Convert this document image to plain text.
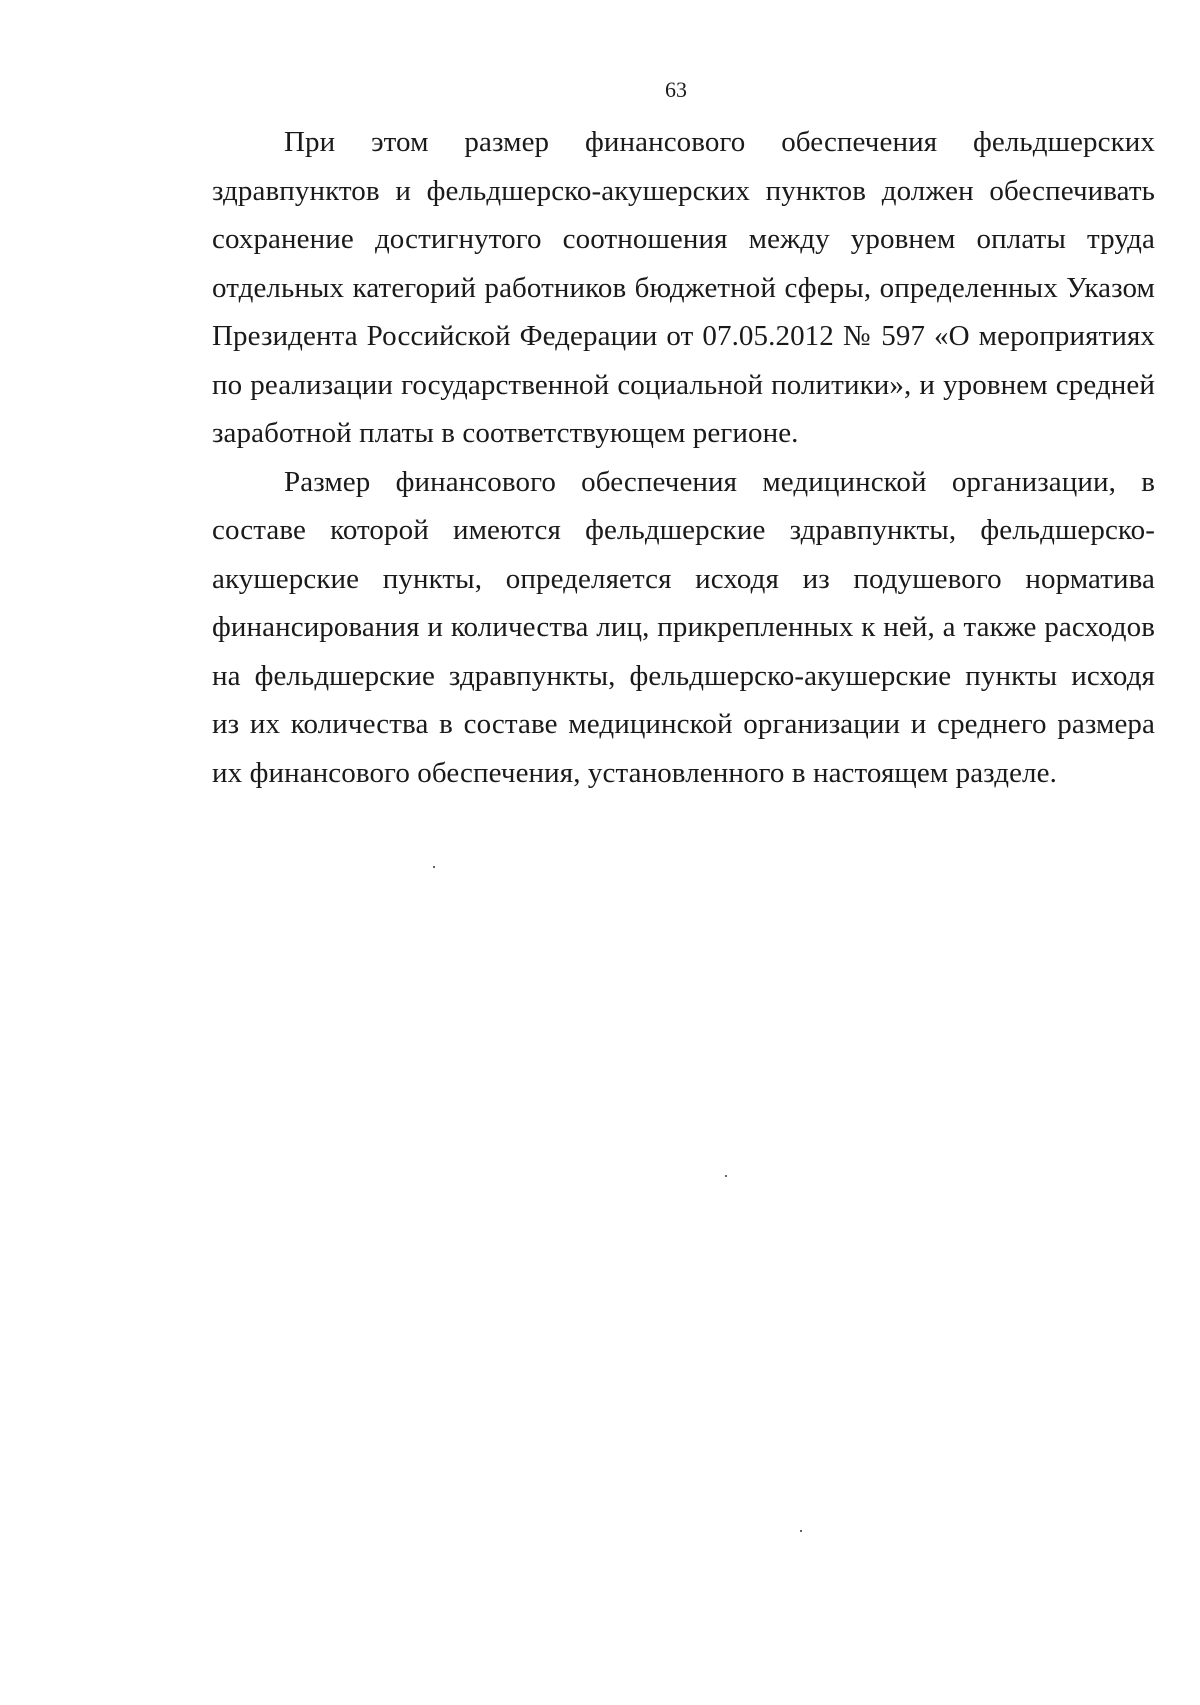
63

При этом размер финансового обеспечения фельдшерских здравпунктов и фельдшерско-акушерских пунктов должен обеспечивать сохранение достигнутого соотношения между уровнем оплаты труда отдельных категорий работников бюджетной сферы, определенных Указом Президента Российской Федерации от 07.05.2012 № 597 «О мероприятиях по реализации государственной социальной политики», и уровнем средней заработной платы в соответствующем регионе.

Размер финансового обеспечения медицинской организации, в составе которой имеются фельдшерские здравпункты, фельдшерско-акушерские пункты, определяется исходя из подушевого норматива финансирования и количества лиц, прикрепленных к ней, а также расходов на фельдшерские здравпункты, фельдшерско-акушерские пункты исходя из их количества в составе медицинской организации и среднего размера их финансового обеспечения, установленного в настоящем разделе.
